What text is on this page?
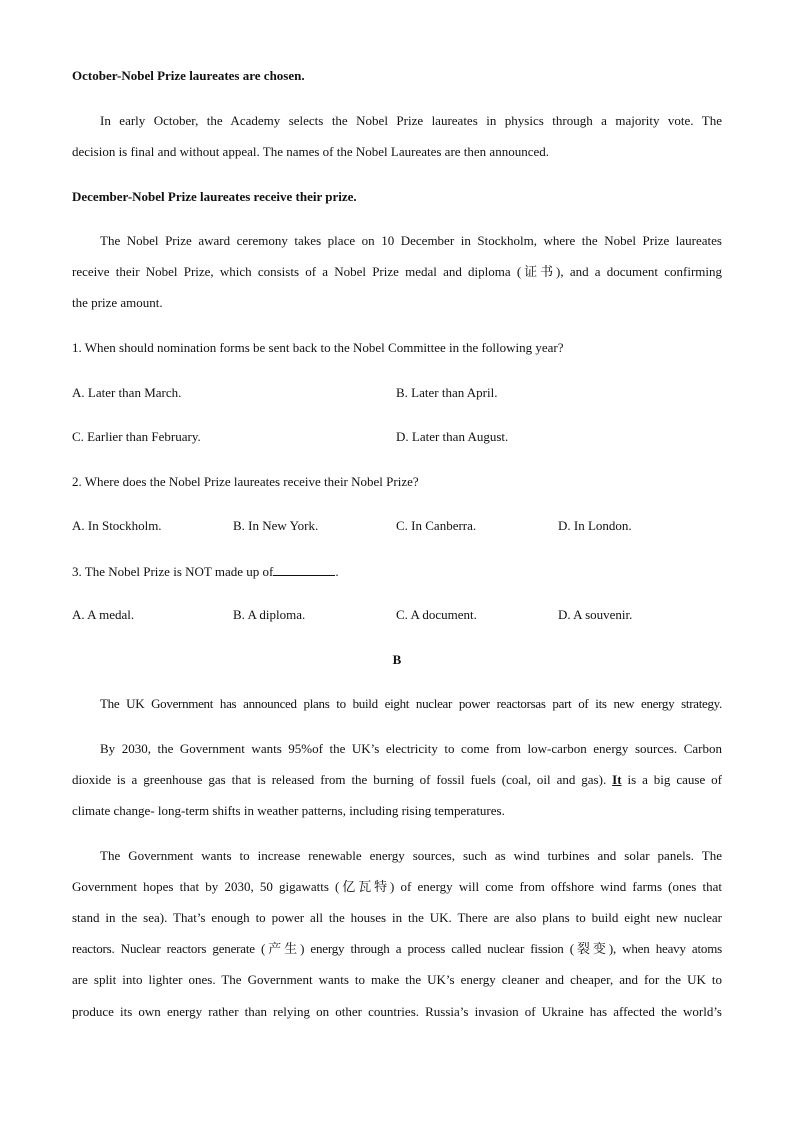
October-Nobel Prize laureates are chosen.
In early October, the Academy selects the Nobel Prize laureates in physics through a majority vote. The
decision is final and without appeal. The names of the Nobel Laureates are then announced.
December-Nobel Prize laureates receive their prize.
The Nobel Prize award ceremony takes place on 10 December in Stockholm, where the Nobel Prize laureates
receive their Nobel Prize, which consists of a Nobel Prize medal and diploma (证书), and a document confirming
the prize amount.
1. When should nomination forms be sent back to the Nobel Committee in the following year?
A. Later than March.	B. Later than April.
C. Earlier than February.	D. Later than August.
2. Where does the Nobel Prize laureates receive their Nobel Prize?
A. In Stockholm.	B. In New York.	C. In Canberra.	D. In London.
3. The Nobel Prize is NOT made up of	.
A. A medal.	B. A diploma.	C. A document.	D. A souvenir.
B
The UK Government has announced plans to build eight nuclear power reactorsas part of its new energy strategy.
By 2030, the Government wants 95%of the UK’s electricity to come from low-carbon energy sources. Carbon
dioxide is a greenhouse gas that is released from the burning of fossil fuels (coal, oil and gas). It is a big cause of
climate change- long-term shifts in weather patterns, including rising temperatures.
The Government wants to increase renewable energy sources, such as wind turbines and solar panels. The
Government hopes that by 2030, 50 gigawatts (亿瓦特) of energy will come from offshore wind farms (ones that
stand in the sea). That’s enough to power all the houses in the UK. There are also plans to build eight new nuclear
reactors. Nuclear reactors generate (产生) energy through a process called nuclear fission (裂变), when heavy atoms
are split into lighter ones. The Government wants to make the UK’s energy cleaner and cheaper, and for the UK to
produce its own energy rather than relying on other countries. Russia’s invasion of Ukraine has affected the world’s
